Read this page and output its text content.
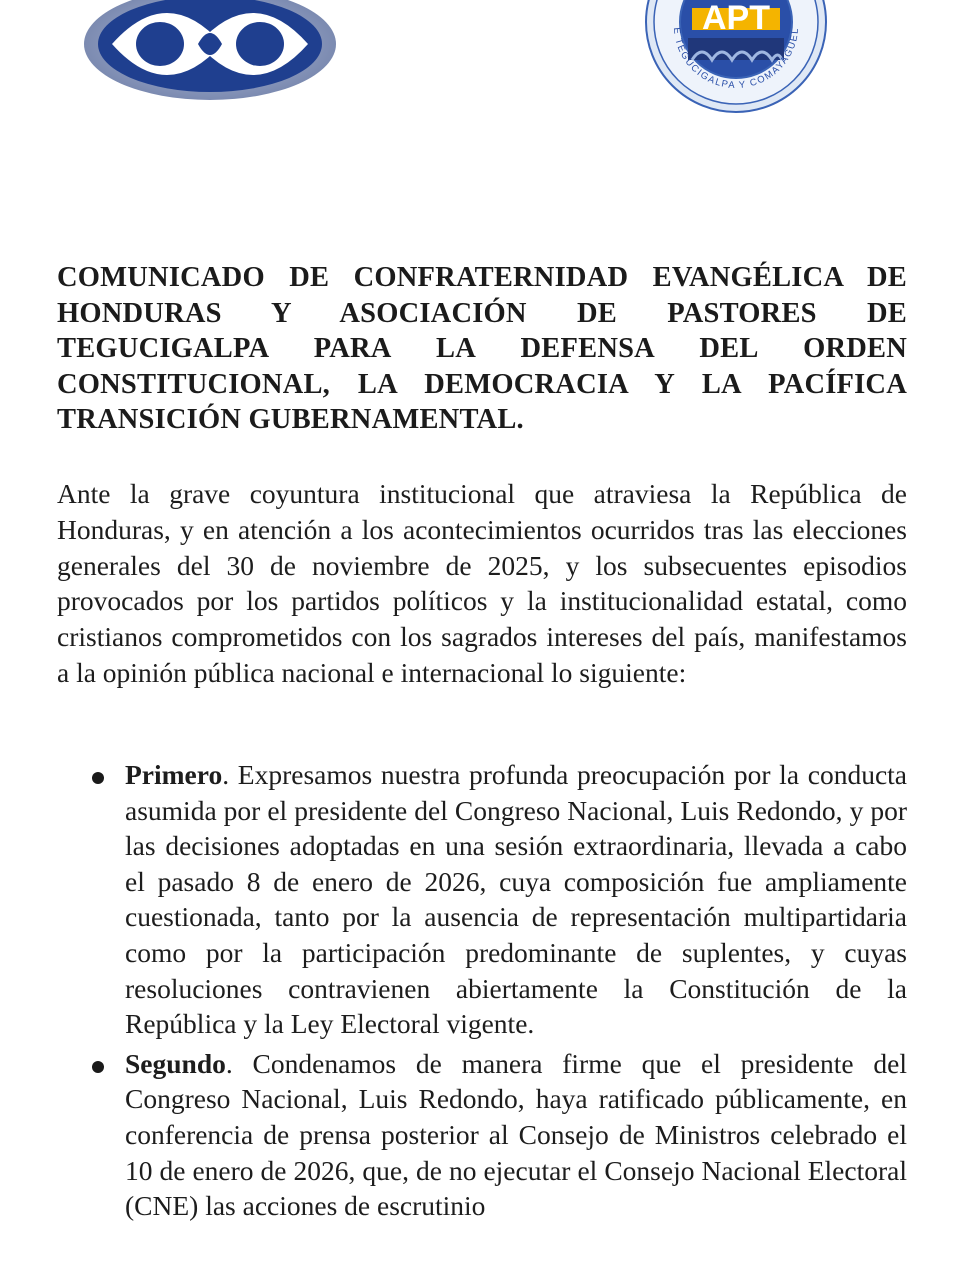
APT
E TEGUCIGALPA Y COMAYAGÜEL
COMUNICADO DE CONFRATERNIDAD EVANGÉLICA DE HONDURAS Y ASOCIACIÓN DE PASTORES DE TEGUCIGALPA PARA LA DEFENSA DEL ORDEN CONSTITUCIONAL, LA DEMOCRACIA Y LA PACÍFICA TRANSICIÓN GUBERNAMENTAL.

Ante la grave coyuntura institucional que atraviesa la República de Honduras, y en atención a los acontecimientos ocurridos tras las elecciones generales del 30 de noviembre de 2025, y los subsecuentes episodios provocados por los partidos políticos y la institucionalidad estatal, como cristianos comprometidos con los sagrados intereses del país, manifestamos a la opinión pública nacional e internacional lo siguiente:

Primero. Expresamos nuestra profunda preocupación por la conducta asumida por el presidente del Congreso Nacional, Luis Redondo, y por las decisiones adoptadas en una sesión extraordinaria, llevada a cabo el pasado 8 de enero de 2026, cuya composición fue ampliamente cuestionada, tanto por la ausencia de representación multipartidaria como por la participación predominante de suplentes, y cuyas resoluciones contravienen abiertamente la Constitución de la República y la Ley Electoral vigente.
Segundo. Condenamos de manera firme que el presidente del Congreso Nacional, Luis Redondo, haya ratificado públicamente, en conferencia de prensa posterior al Consejo de Ministros celebrado el 10 de enero de 2026, que, de no ejecutar el Consejo Nacional Electoral (CNE) las acciones de escrutinio
